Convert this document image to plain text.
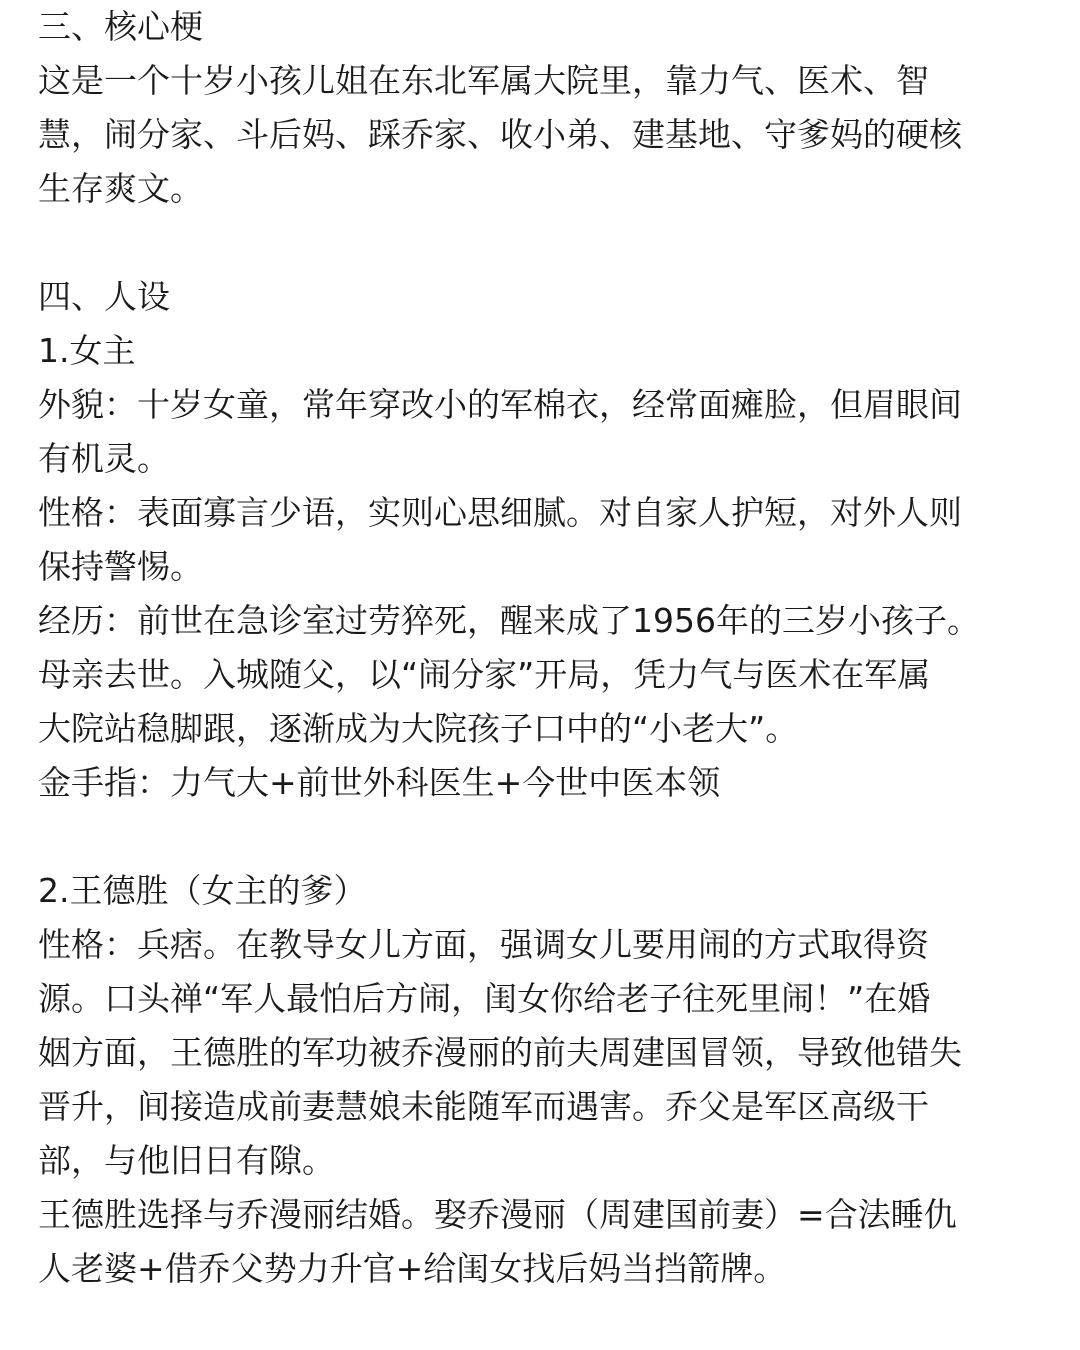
三、核心梗
这是一个十岁小孩儿姐在东北军属大院里，靠力气、医术、智
慧，闹分家、斗后妈、踩乔家、收小弟、建基地、守爹妈的硬核
生存爽文。
四、人设
1.女主
外貌：十岁女童，常年穿改小的军棉衣，经常面瘫脸，但眉眼间
有机灵。
性格：表面寡言少语，实则心思细腻。对自家人护短，对外人则
保持警惕。
经历：前世在急诊室过劳猝死，醒来成了1956年的三岁小孩子。
母亲去世。入城随父，以“闹分家”开局，凭力气与医术在军属
大院站稳脚跟，逐渐成为大院孩子口中的“小老大”。
金手指：力气大+前世外科医生+今世中医本领
2.王德胜（女主的爹）
性格：兵痞。在教导女儿方面，强调女儿要用闹的方式取得资
源。口头禅“军人最怕后方闹，闺女你给老子往死里闹！”在婚
姻方面，王德胜的军功被乔漫丽的前夫周建国冒领，导致他错失
晋升，间接造成前妻慧娘未能随军而遇害。乔父是军区高级干
部，与他旧日有隙。
王德胜选择与乔漫丽结婚。娶乔漫丽（周建国前妻）=合法睡仇
人老婆+借乔父势力升官+给闺女找后妈当挡箭牌。
